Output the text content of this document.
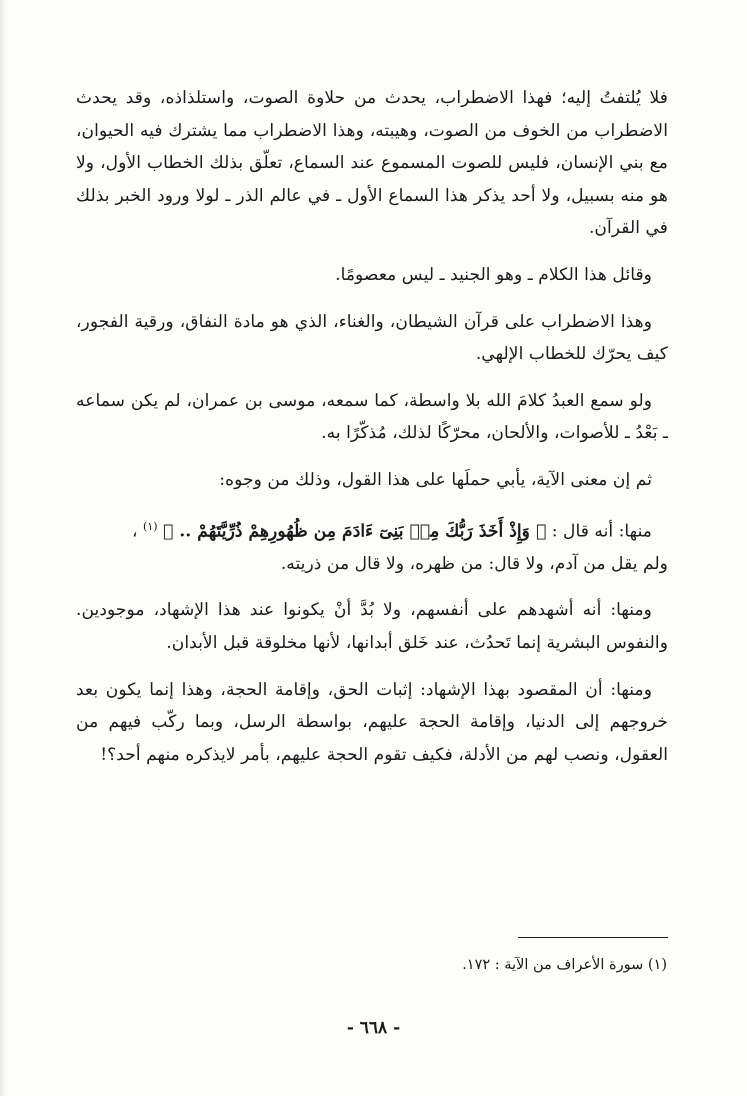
فلا يُلتفتُ إليه؛ فهذا الاضطراب، يحدث من حلاوة الصوت، واستلذاذه، وقد يحدث الاضطراب من الخوف من الصوت، وهيبته، وهذا الاضطراب مما يشترك فيه الحيوان، مع بني الإنسان، فليس للصوت المسموع عند السماع، تعلّق بذلك الخطاب الأول، ولا هو منه بسبيل، ولا أحد يذكر هذا السماع الأول ـ في عالم الذر ـ لولا ورود الخبر بذلك في القرآن.

وقائل هذا الكلام ـ وهو الجنيد ـ ليس معصومًا.

وهذا الاضطراب على قرآن الشيطان، والغناء، الذي هو مادة النفاق، ورقية الفجور، كيف يحرّك للخطاب الإلهي.

ولو سمع العبدُ كلامَ الله بلا واسطة، كما سمعه، موسى بن عمران، لم يكن سماعه ـ بَعْدُ ـ للأصوات، والألحان، محرّكًا لذلك، مُذكّرًا به.

ثم إن معنى الآية، يأبي حملَها على هذا القول، وذلك من وجوه:

منها: أنه قال : ﴿ وَإِذْ أَخَذَ رَبُّكَ مِنۢ بَنِىٓ ءَادَمَ مِن ظُهُورِهِمْ ذُرِّيَّتَهُمْ .. ﴾ $^{(١)}$ ،

ولم يقل من آدم، ولا قال: من ظهره، ولا قال من ذريته.

ومنها: أنه أشهدهم على أنفسهم، ولا بُدَّ أنْ يكونوا عند هذا الإشهاد، موجودين. والنفوس البشرية إنما تَحدُث، عند خَلق أبدانها، لأنها مخلوقة قبل الأبدان.

ومنها: أن المقصود بهذا الإشهاد: إثبات الحق، وإقامة الحجة، وهذا إنما يكون بعد خروجهم إلى الدنيا، وإقامة الحجة عليهم، بواسطة الرسل، وبما ركّب فيهم من العقول، ونصب لهم من الأدلة، فكيف تقوم الحجة عليهم، بأمر لايذكره منهم أحد؟!

(١) سورة الأعراف من الآية : ١٧٢.
- ٦٦٨ -
